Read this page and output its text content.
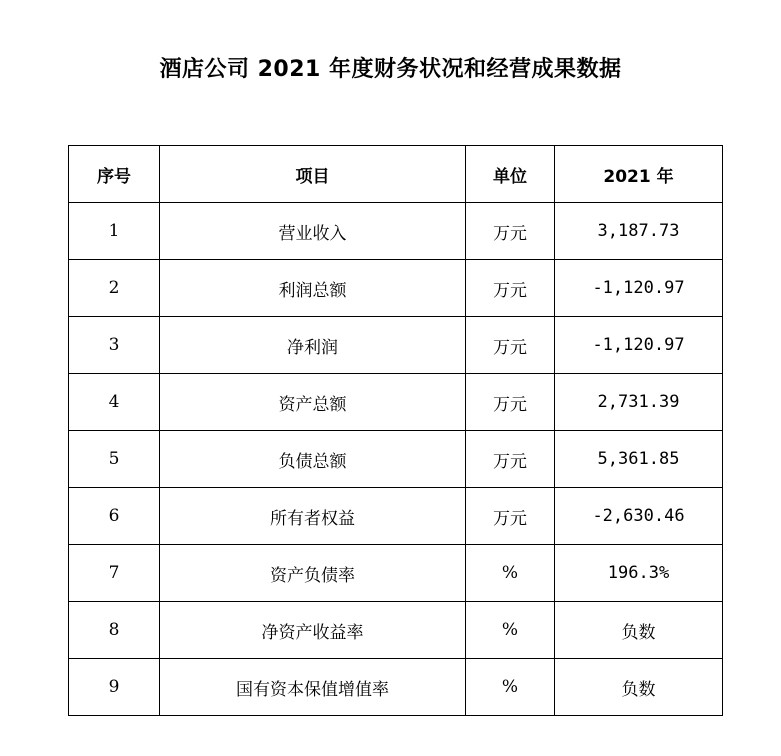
酒店公司 2021 年度财务状况和经营成果数据
序号	项目	单位	2021 年
1	营业收入	万元	3,187.73
2	利润总额	万元	-1,120.97
3	净利润	万元	-1,120.97
4	资产总额	万元	2,731.39
5	负债总额	万元	5,361.85
6	所有者权益	万元	-2,630.46
7	资产负债率	%	196.3%
8	净资产收益率	%	负数
9	国有资本保值增值率	%	负数
